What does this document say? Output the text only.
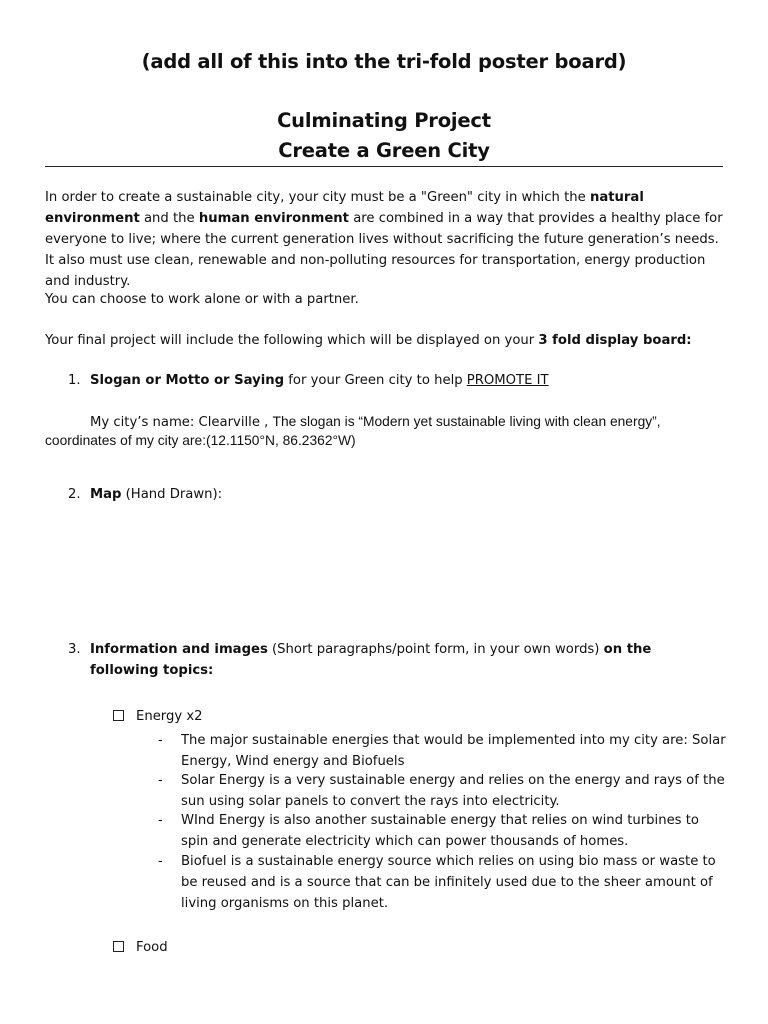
(add all of this into the tri-fold poster board)
Culminating Project
Create a Green City
In order to create a sustainable city, your city must be a "Green" city in which the natural environment and the human environment are combined in a way that provides a healthy place for everyone to live; where the current generation lives without sacrificing the future generation’s needs. It also must use clean, renewable and non-polluting resources for transportation, energy production and industry.
You can choose to work alone or with a partner.
Your final project will include the following which will be displayed on your 3 fold display board:
1. Slogan or Motto or Saying for your Green city to help PROMOTE IT
My city’s name: Clearville , The slogan is “Modern yet sustainable living with clean energy”,
coordinates of my city are:(12.1150°N, 86.2362°W)
2. Map (Hand Drawn):
3. Information and images (Short paragraphs/point form, in your own words) on the following topics:
Energy x2
- The major sustainable energies that would be implemented into my city are: Solar Energy, Wind energy and Biofuels
- Solar Energy is a very sustainable energy and relies on the energy and rays of the sun using solar panels to convert the rays into electricity.
- WInd Energy is also another sustainable energy that relies on wind turbines to spin and generate electricity which can power thousands of homes.
- Biofuel is a sustainable energy source which relies on using bio mass or waste to be reused and is a source that can be infinitely used due to the sheer amount of living organisms on this planet.
Food
